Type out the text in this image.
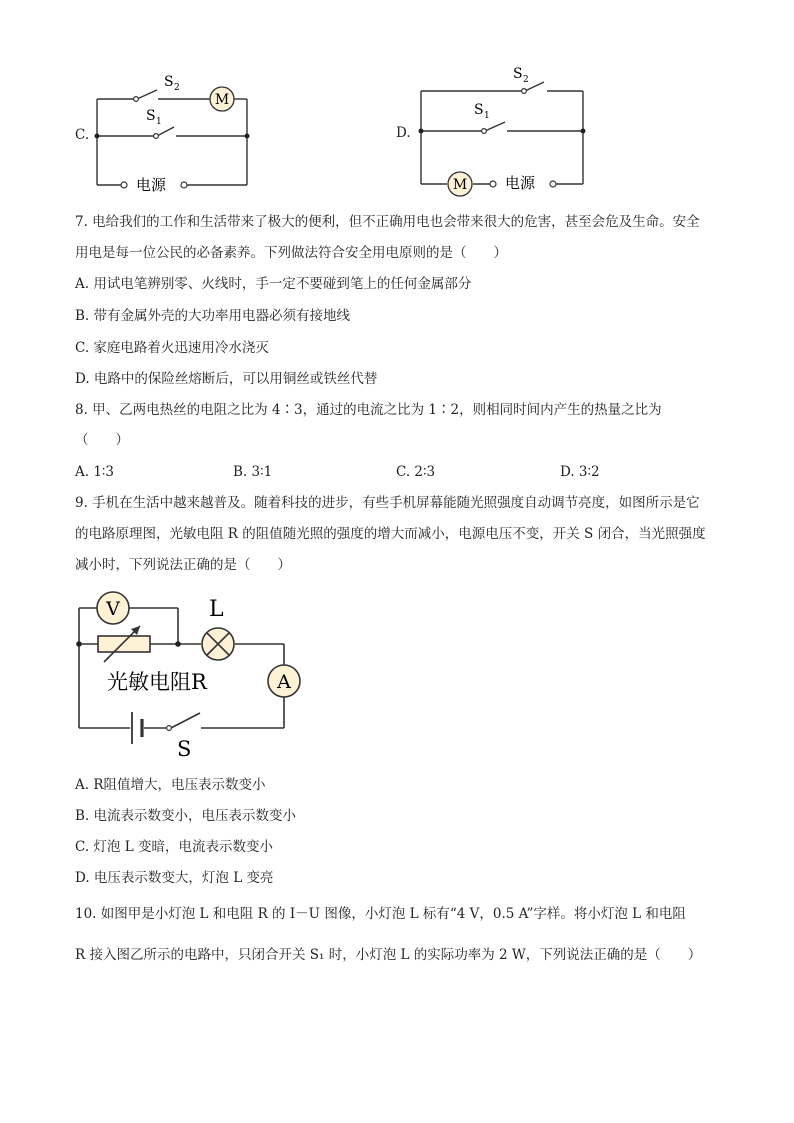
C.
M
S 2
S 1
电源
D.
M
S 2
S 1
电源
7. 电给我们的工作和生活带来了极大的便利，但不正确用电也会带来很大的危害，甚至会危及生命。安全
用电是每一位公民的必备素养。下列做法符合安全用电原则的是（　　）
A. 用试电笔辨别零、火线时，手一定不要碰到笔上的任何金属部分
B. 带有金属外壳的大功率用电器必须有接地线
C. 家庭电路着火迅速用冷水浇灭
D. 电路中的保险丝熔断后，可以用铜丝或铁丝代替
8. 甲、乙两电热丝的电阻之比为 4∶3，通过的电流之比为 1∶2，则相同时间内产生的热量之比为
（　　）
A. 1∶3	B. 3∶1	C. 2∶3	D. 3∶2
9. 手机在生活中越来越普及。随着科技的进步，有些手机屏幕能随光照强度自动调节亮度，如图所示是它
的电路原理图，光敏电阻 R 的阻值随光照的强度的增大而减小，电源电压不变，开关 S 闭合，当光照强度
减小时，下列说法正确的是（　　）
V	L
A
光敏电阻R
S
A. R阻值增大，电压表示数变小
B. 电流表示数变小，电压表示数变小
C. 灯泡 L 变暗，电流表示数变小
D. 电压表示数变大，灯泡 L 变亮
10. 如图甲是小灯泡 L 和电阻 R 的 I－U 图像，小灯泡 L 标有“4 V，0.5 A”字样。将小灯泡 L 和电阻
R 接入图乙所示的电路中，只闭合开关 S₁ 时，小灯泡 L 的实际功率为 2 W，下列说法正确的是（　　）
